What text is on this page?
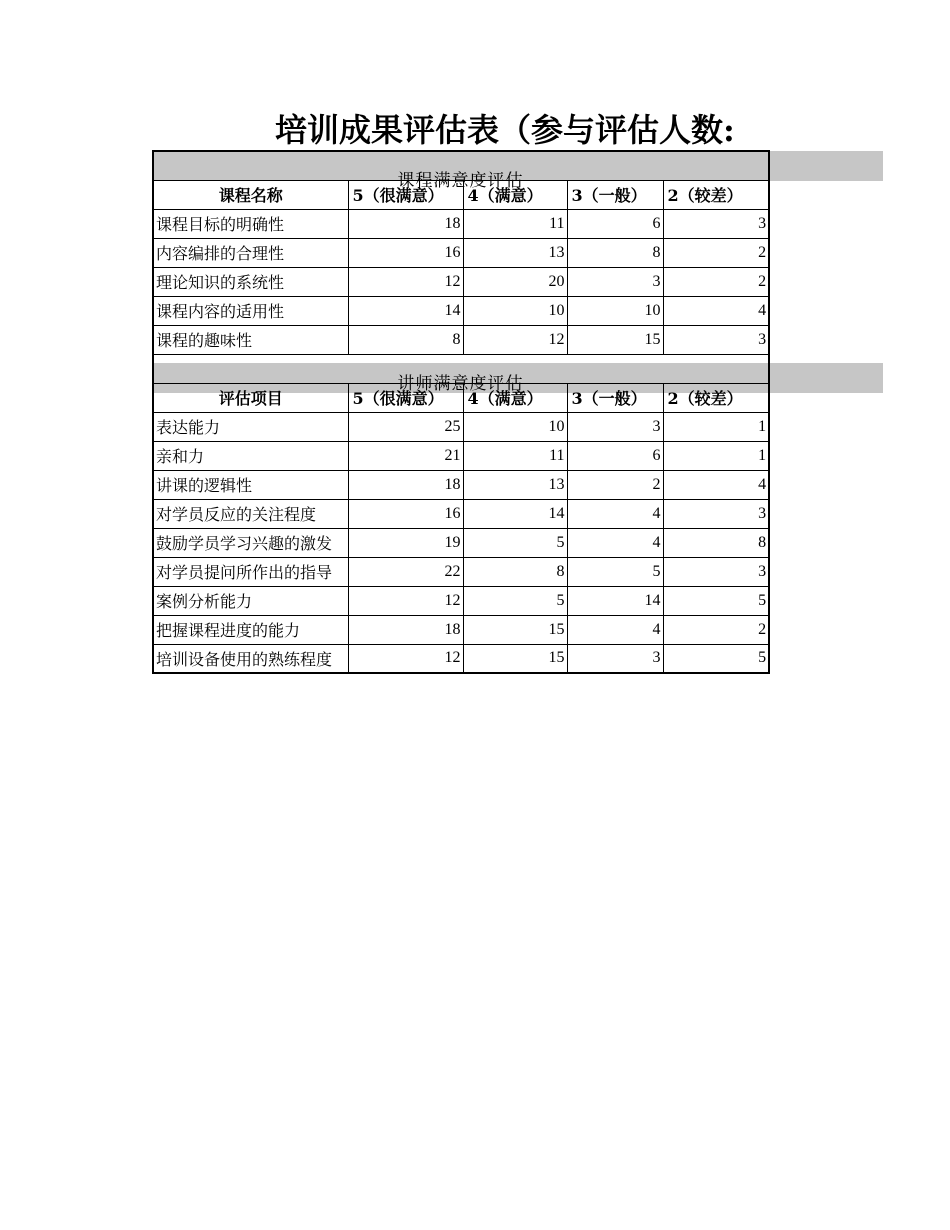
培训成果评估表（参与评估人数:
课程满意度评估				

课程名称	5（很满意）	4（满意）	3（一般）	2（较差）
课程目标的明确性	18	11	6	3
内容编排的合理性	16	13	8	2
理论知识的系统性	12	20	3	2
课程内容的适用性	14	10	10	4
课程的趣味性	8	12	15	3

讲师满意度评估				

评估项目	5（很满意）	4（满意）	3（一般）	2（较差）
表达能力	25	10	3	1
亲和力	21	11	6	1
讲课的逻辑性	18	13	2	4
对学员反应的关注程度	16	14	4	3
鼓励学员学习兴趣的激发	19	5	4	8
对学员提问所作出的指导	22	8	5	3
案例分析能力	12	5	14	5
把握课程进度的能力	18	15	4	2
培训设备使用的熟练程度	12	15	3	5
